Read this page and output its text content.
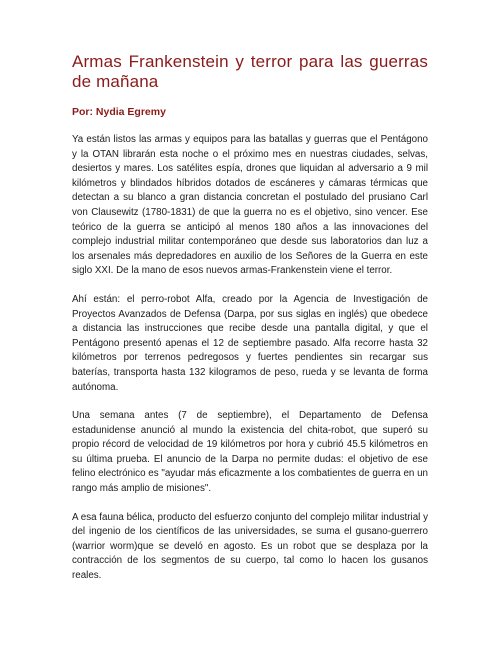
Armas Frankenstein y terror para las guerras de mañana
Por: Nydia Egremy

Ya están listos las armas y equipos para las batallas y guerras que el Pentágono y la OTAN librarán esta noche o el próximo mes en nuestras ciudades, selvas, desiertos y mares. Los satélites espía, drones que liquidan al adversario a 9 mil kilómetros y blindados híbridos dotados de escáneres y cámaras térmicas que detectan a su blanco a gran distancia concretan el postulado del prusiano Carl von Clausewitz (1780-1831) de que la guerra no es el objetivo, sino vencer. Ese teórico de la guerra se anticipó al menos 180 años a las innovaciones del complejo industrial militar contemporáneo que desde sus laboratorios dan luz a los arsenales más depredadores en auxilio de los Señores de la Guerra en este siglo XXI. De la mano de esos nuevos armas-Frankenstein viene el terror.

Ahí están: el perro-robot Alfa, creado por la Agencia de Investigación de Proyectos Avanzados de Defensa (Darpa, por sus siglas en inglés) que obedece a distancia las instrucciones que recibe desde una pantalla digital, y que el Pentágono presentó apenas el 12 de septiembre pasado. Alfa recorre hasta 32 kilómetros por terrenos pedregosos y fuertes pendientes sin recargar sus baterías, transporta hasta 132 kilogramos de peso, rueda y se levanta de forma autónoma.

Una semana antes (7 de septiembre), el Departamento de Defensa estadunidense anunció al mundo la existencia del chita-robot, que superó su propio récord de velocidad de 19 kilómetros por hora y cubrió 45.5 kilómetros en su última prueba. El anuncio de la Darpa no permite dudas: el objetivo de ese felino electrónico es "ayudar más eficazmente a los combatientes de guerra en un rango más amplio de misiones".

A esa fauna bélica, producto del esfuerzo conjunto del complejo militar industrial y del ingenio de los científicos de las universidades, se suma el gusano-guerrero (warrior worm)que se develó en agosto. Es un robot que se desplaza por la contracción de los segmentos de su cuerpo, tal como lo hacen los gusanos reales.
